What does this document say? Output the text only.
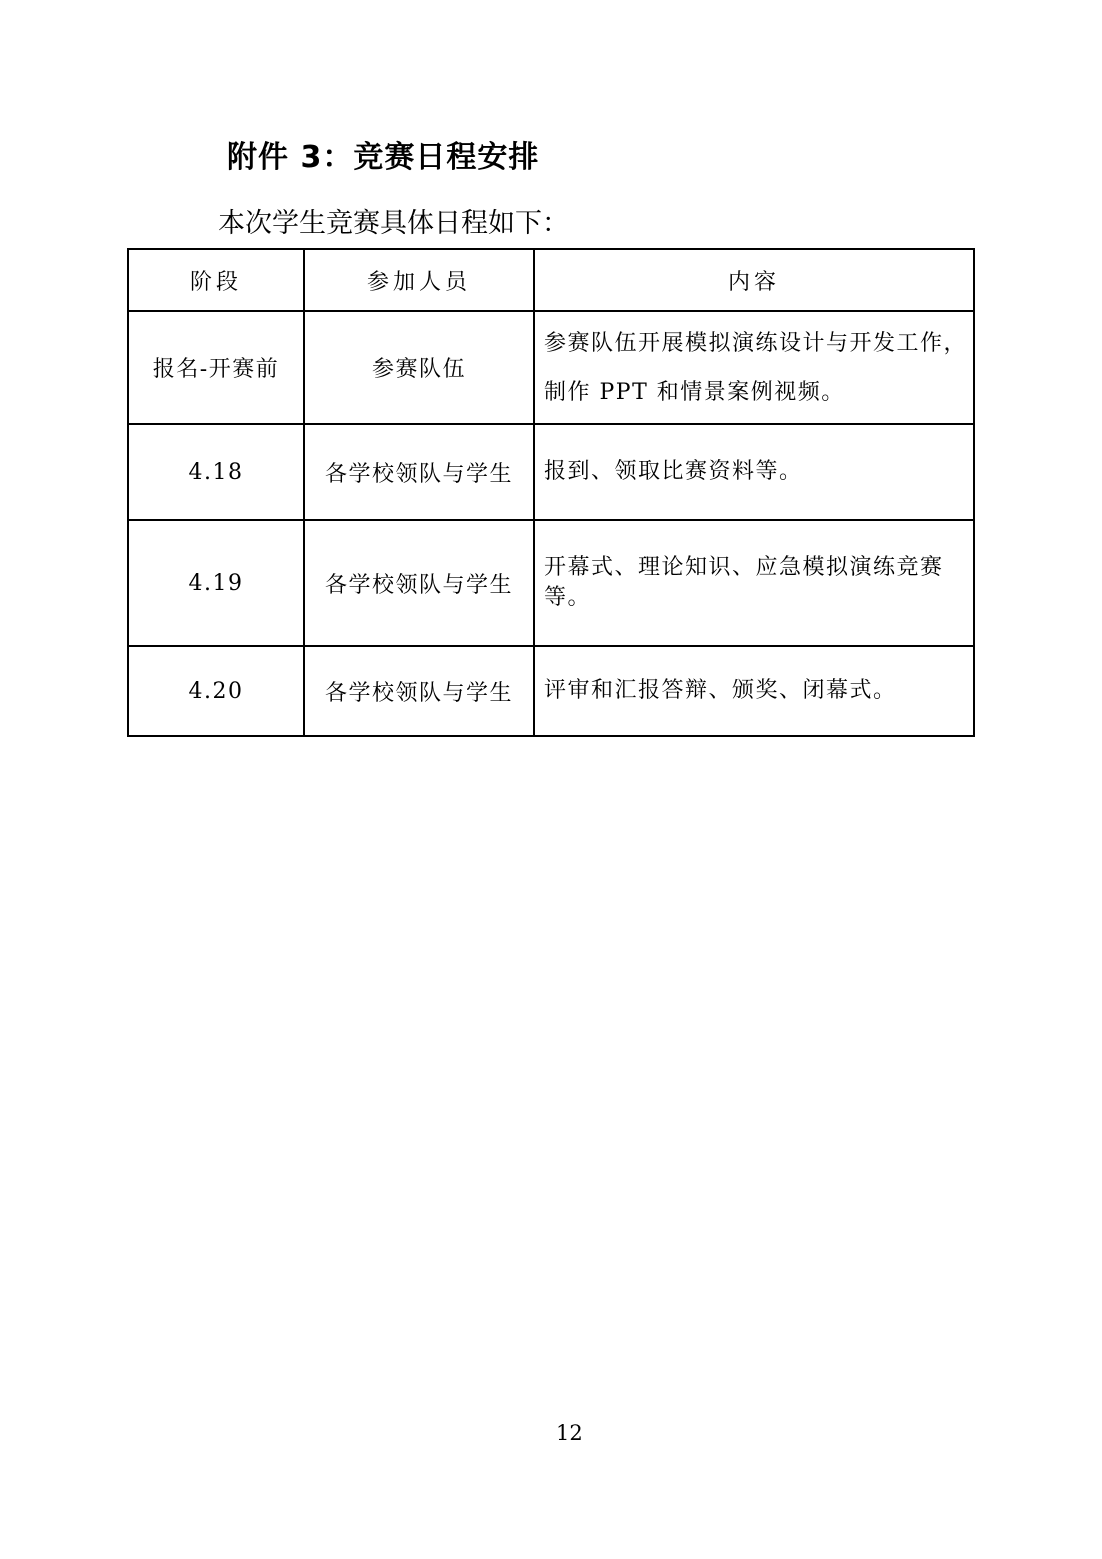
附件 3：竞赛日程安排
本次学生竞赛具体日程如下：
阶段	参加人员	内容
报名-开赛前	参赛队伍	参赛队伍开展模拟演练设计与开发工作，
制作 PPT 和情景案例视频。

4.18	各学校领队与学生	报到、领取比赛资料等。

4.19	各学校领队与学生	开幕式、理论知识、应急模拟演练竞赛等。

4.20	各学校领队与学生	评审和汇报答辩、颁奖、闭幕式。
12
